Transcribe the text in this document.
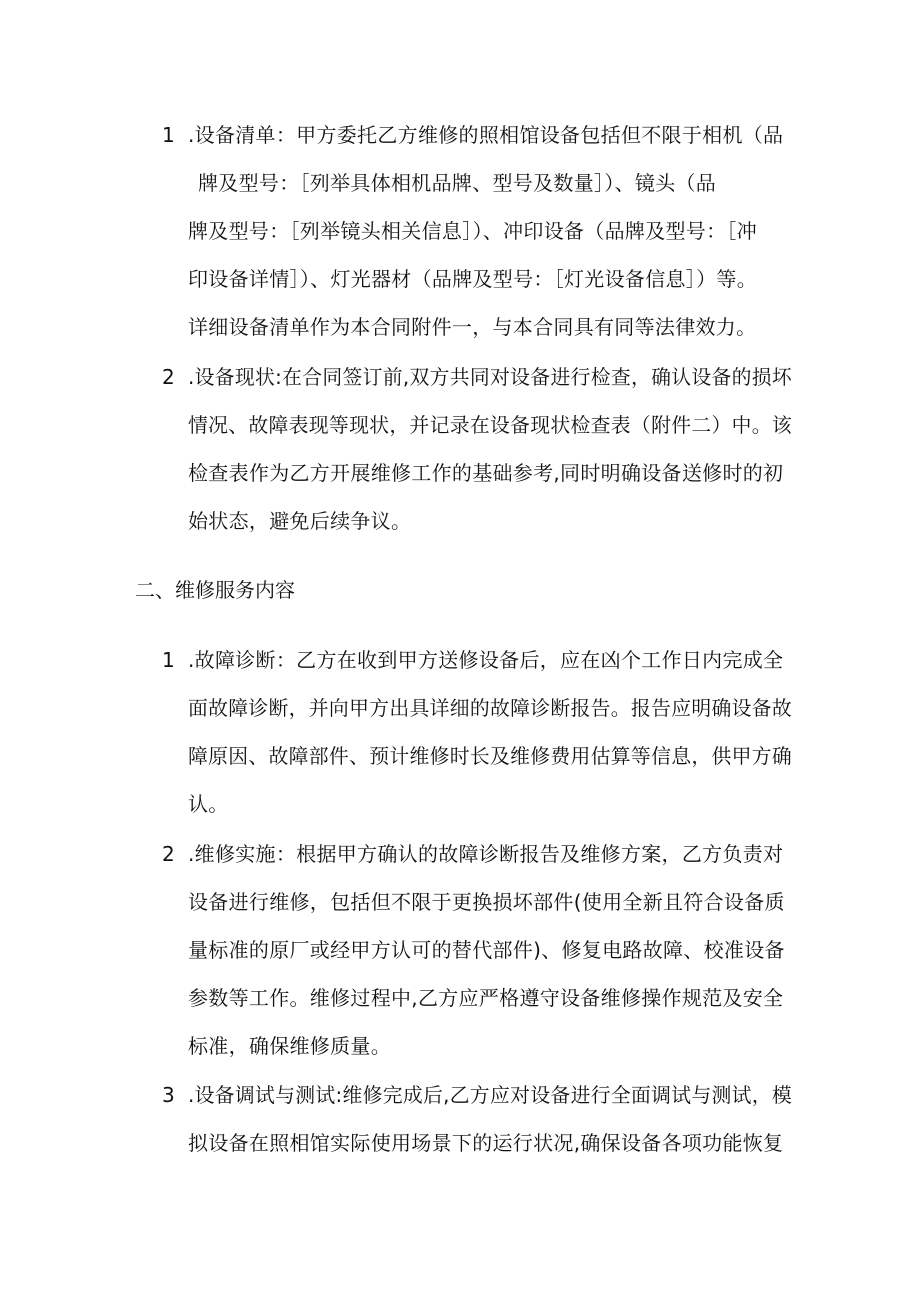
1 .设备清单：甲方委托乙方维修的照相馆设备包括但不限于相机（品
牌及型号：［列举具体相机品牌、型号及数量］）、镜头（品
牌及型号：［列举镜头相关信息］）、冲印设备（品牌及型号：［冲
印设备详情］）、灯光器材（品牌及型号：［灯光设备信息］）等。
详细设备清单作为本合同附件一，与本合同具有同等法律效力。
2 .设备现状:在合同签订前,双方共同对设备进行检查，确认设备的损坏
情况、故障表现等现状，并记录在设备现状检查表（附件二）中。该
检查表作为乙方开展维修工作的基础参考,同时明确设备送修时的初
始状态，避免后续争议。
二、维修服务内容
1 .故障诊断：乙方在收到甲方送修设备后，应在凶个工作日内完成全
面故障诊断，并向甲方出具详细的故障诊断报告。报告应明确设备故
障原因、故障部件、预计维修时长及维修费用估算等信息，供甲方确
认。
2 .维修实施：根据甲方确认的故障诊断报告及维修方案，乙方负责对
设备进行维修，包括但不限于更换损坏部件(使用全新且符合设备质
量标准的原厂或经甲方认可的替代部件)、修复电路故障、校准设备
参数等工作。维修过程中,乙方应严格遵守设备维修操作规范及安全
标准，确保维修质量。
3 .设备调试与测试:维修完成后,乙方应对设备进行全面调试与测试，模
拟设备在照相馆实际使用场景下的运行状况,确保设备各项功能恢复
